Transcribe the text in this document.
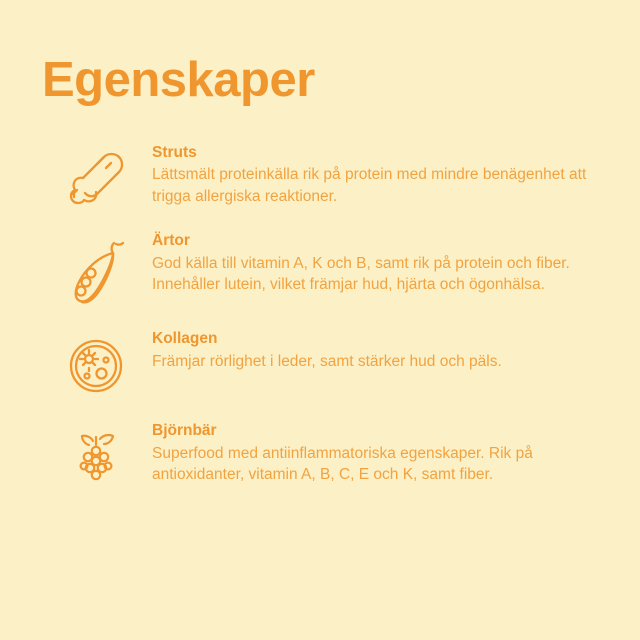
Egenskaper

Struts

Lättsmält proteinkälla rik på protein med mindre benägenhet att trigga allergiska reaktioner.

Ärtor

God källa till vitamin A, K och B, samt rik på protein och fiber. Innehåller lutein, vilket främjar hud, hjärta och ögonhälsa.

Kollagen

Främjar rörlighet i leder, samt stärker hud och päls.

Björnbär

Superfood med antiinflammatoriska egenskaper. Rik på antioxidanter, vitamin A, B, C, E och K, samt fiber.
